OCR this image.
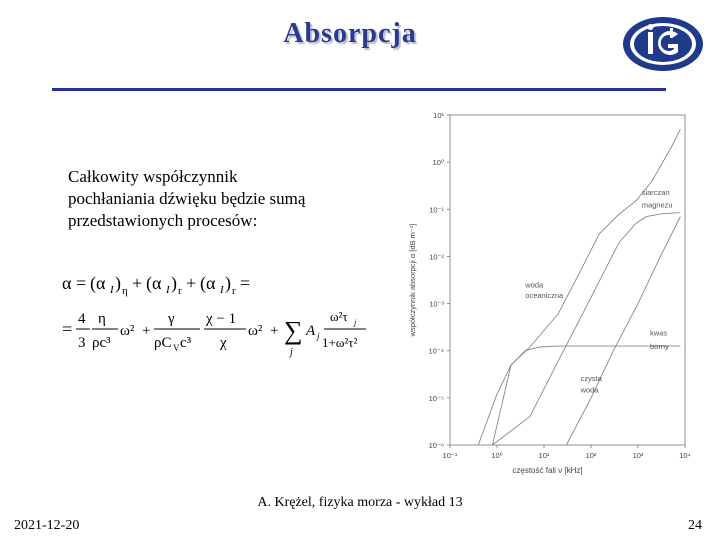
Absorpcja
Całkowity współczynnik
pochłaniania dźwięku będzie sumą
przedstawionych procesów:
α = (α I ) η + (α I ) r + (α I ) r =
= 4
3
η
ρc³
ω² +
γ
ρC V c³
χ − 1
χ
ω² + ∑
j
A j
ω²τ j
1+ω²τ²
10¹
10⁰
10⁻¹
10⁻²
10⁻³
10⁻⁴
10⁻⁵
10⁻⁶
10⁻¹	10⁰	10¹	10²	10³	10⁴
częstość fali ν [kHz]
współczynnik absorpcji α [dB m⁻¹]
siarczan
magnezu
woda
oceaniczna
kwas
borny
czysta
woda
A. Krężel, fizyka morza - wykład 13
2021-12-20	24
